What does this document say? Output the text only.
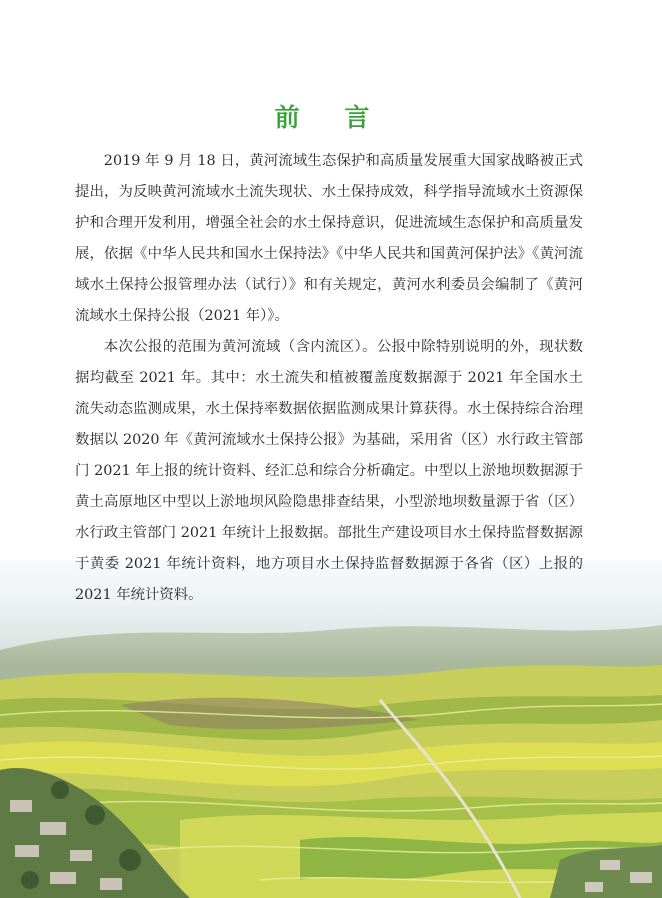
前 言

2019 年 9 月 18 日，黄河流域生态保护和高质量发展重大国家战略被正式提出，为反映黄河流域水土流失现状、水土保持成效，科学指导流域水土资源保护和合理开发利用，增强全社会的水土保持意识，促进流域生态保护和高质量发展，依据《中华人民共和国水土保持法》《中华人民共和国黄河保护法》《黄河流域水土保持公报管理办法（试行）》和有关规定，黄河水利委员会编制了《黄河流域水土保持公报（2021 年）》。

本次公报的范围为黄河流域（含内流区）。公报中除特别说明的外，现状数据均截至 2021 年。其中：水土流失和植被覆盖度数据源于 2021 年全国水土流失动态监测成果，水土保持率数据依据监测成果计算获得。水土保持综合治理数据以 2020 年《黄河流域水土保持公报》为基础，采用省（区）水行政主管部门 2021 年上报的统计资料、经汇总和综合分析确定。中型以上淤地坝数据源于黄土高原地区中型以上淤地坝风险隐患排查结果，小型淤地坝数量源于省（区）水行政主管部门 2021 年统计上报数据。部批生产建设项目水土保持监督数据源于黄委 2021 年统计资料，地方项目水土保持监督数据源于各省（区）上报的 2021 年统计资料。
